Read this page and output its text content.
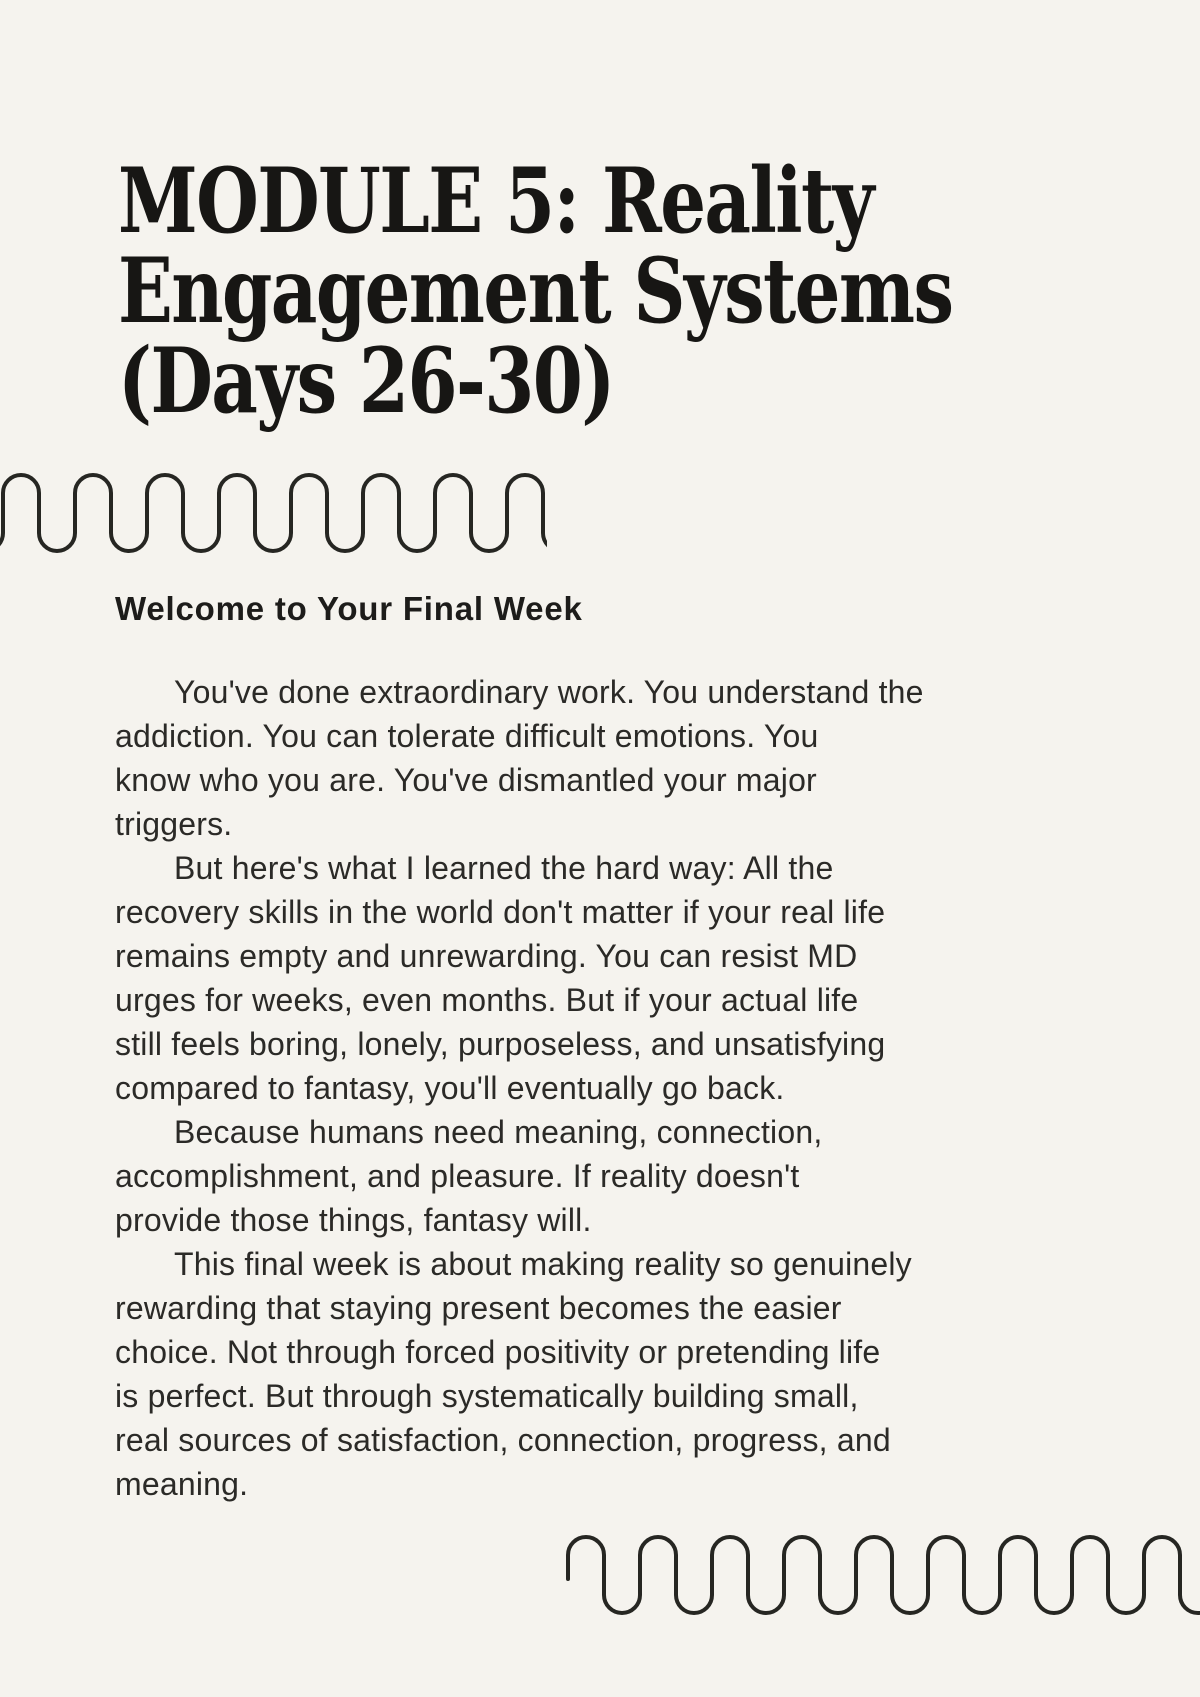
MODULE 5: Reality
Engagement Systems
(Days 26-30)
Welcome to Your Final Week
You've done extraordinary work. You understand the
addiction. You can tolerate difficult emotions. You
know who you are. You've dismantled your major
triggers.
But here's what I learned the hard way: All the
recovery skills in the world don't matter if your real life
remains empty and unrewarding. You can resist MD
urges for weeks, even months. But if your actual life
still feels boring, lonely, purposeless, and unsatisfying
compared to fantasy, you'll eventually go back.
Because humans need meaning, connection,
accomplishment, and pleasure. If reality doesn't
provide those things, fantasy will.
This final week is about making reality so genuinely
rewarding that staying present becomes the easier
choice. Not through forced positivity or pretending life
is perfect. But through systematically building small,
real sources of satisfaction, connection, progress, and
meaning.
